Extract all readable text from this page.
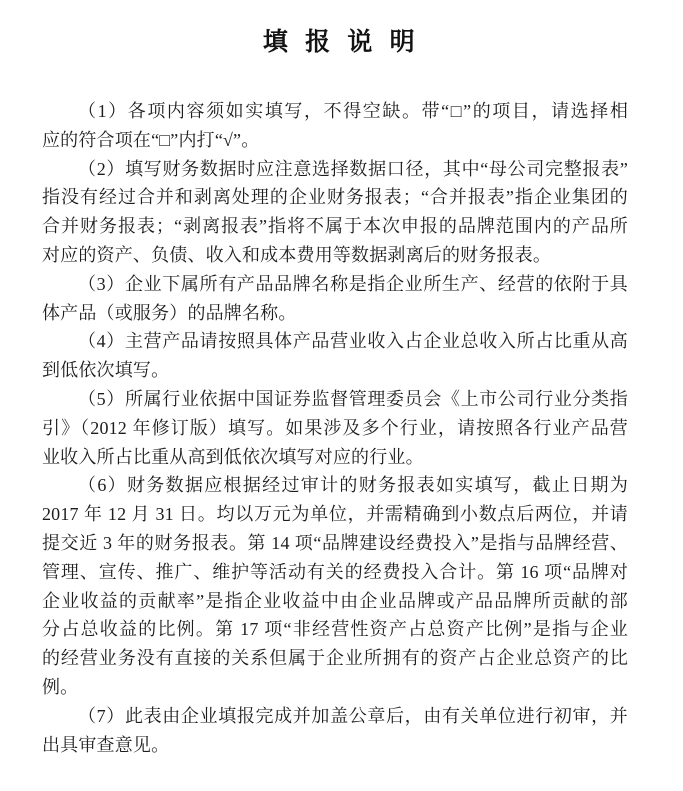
填 报 说 明
（1）各项内容须如实填写，不得空缺。带“□”的项目，请选择相
应的符合项在“□”内打“√”。
（2）填写财务数据时应注意选择数据口径，其中“母公司完整报表”
指没有经过合并和剥离处理的企业财务报表；“合并报表”指企业集团的
合并财务报表；“剥离报表”指将不属于本次申报的品牌范围内的产品所
对应的资产、负债、收入和成本费用等数据剥离后的财务报表。
（3）企业下属所有产品品牌名称是指企业所生产、经营的依附于具
体产品（或服务）的品牌名称。
（4）主营产品请按照具体产品营业收入占企业总收入所占比重从高
到低依次填写。
（5）所属行业依据中国证券监督管理委员会《上市公司行业分类指
引》（2012 年修订版）填写。如果涉及多个行业，请按照各行业产品营
业收入所占比重从高到低依次填写对应的行业。
（6）财务数据应根据经过审计的财务报表如实填写，截止日期为
2017 年 12 月 31 日。均以万元为单位，并需精确到小数点后两位，并请
提交近 3 年的财务报表。第 14 项“品牌建设经费投入”是指与品牌经营、
管理、宣传、推广、维护等活动有关的经费投入合计。第 16 项“品牌对
企业收益的贡献率”是指企业收益中由企业品牌或产品品牌所贡献的部
分占总收益的比例。第 17 项“非经营性资产占总资产比例”是指与企业
的经营业务没有直接的关系但属于企业所拥有的资产占企业总资产的比
例。
（7）此表由企业填报完成并加盖公章后，由有关单位进行初审，并
出具审查意见。
